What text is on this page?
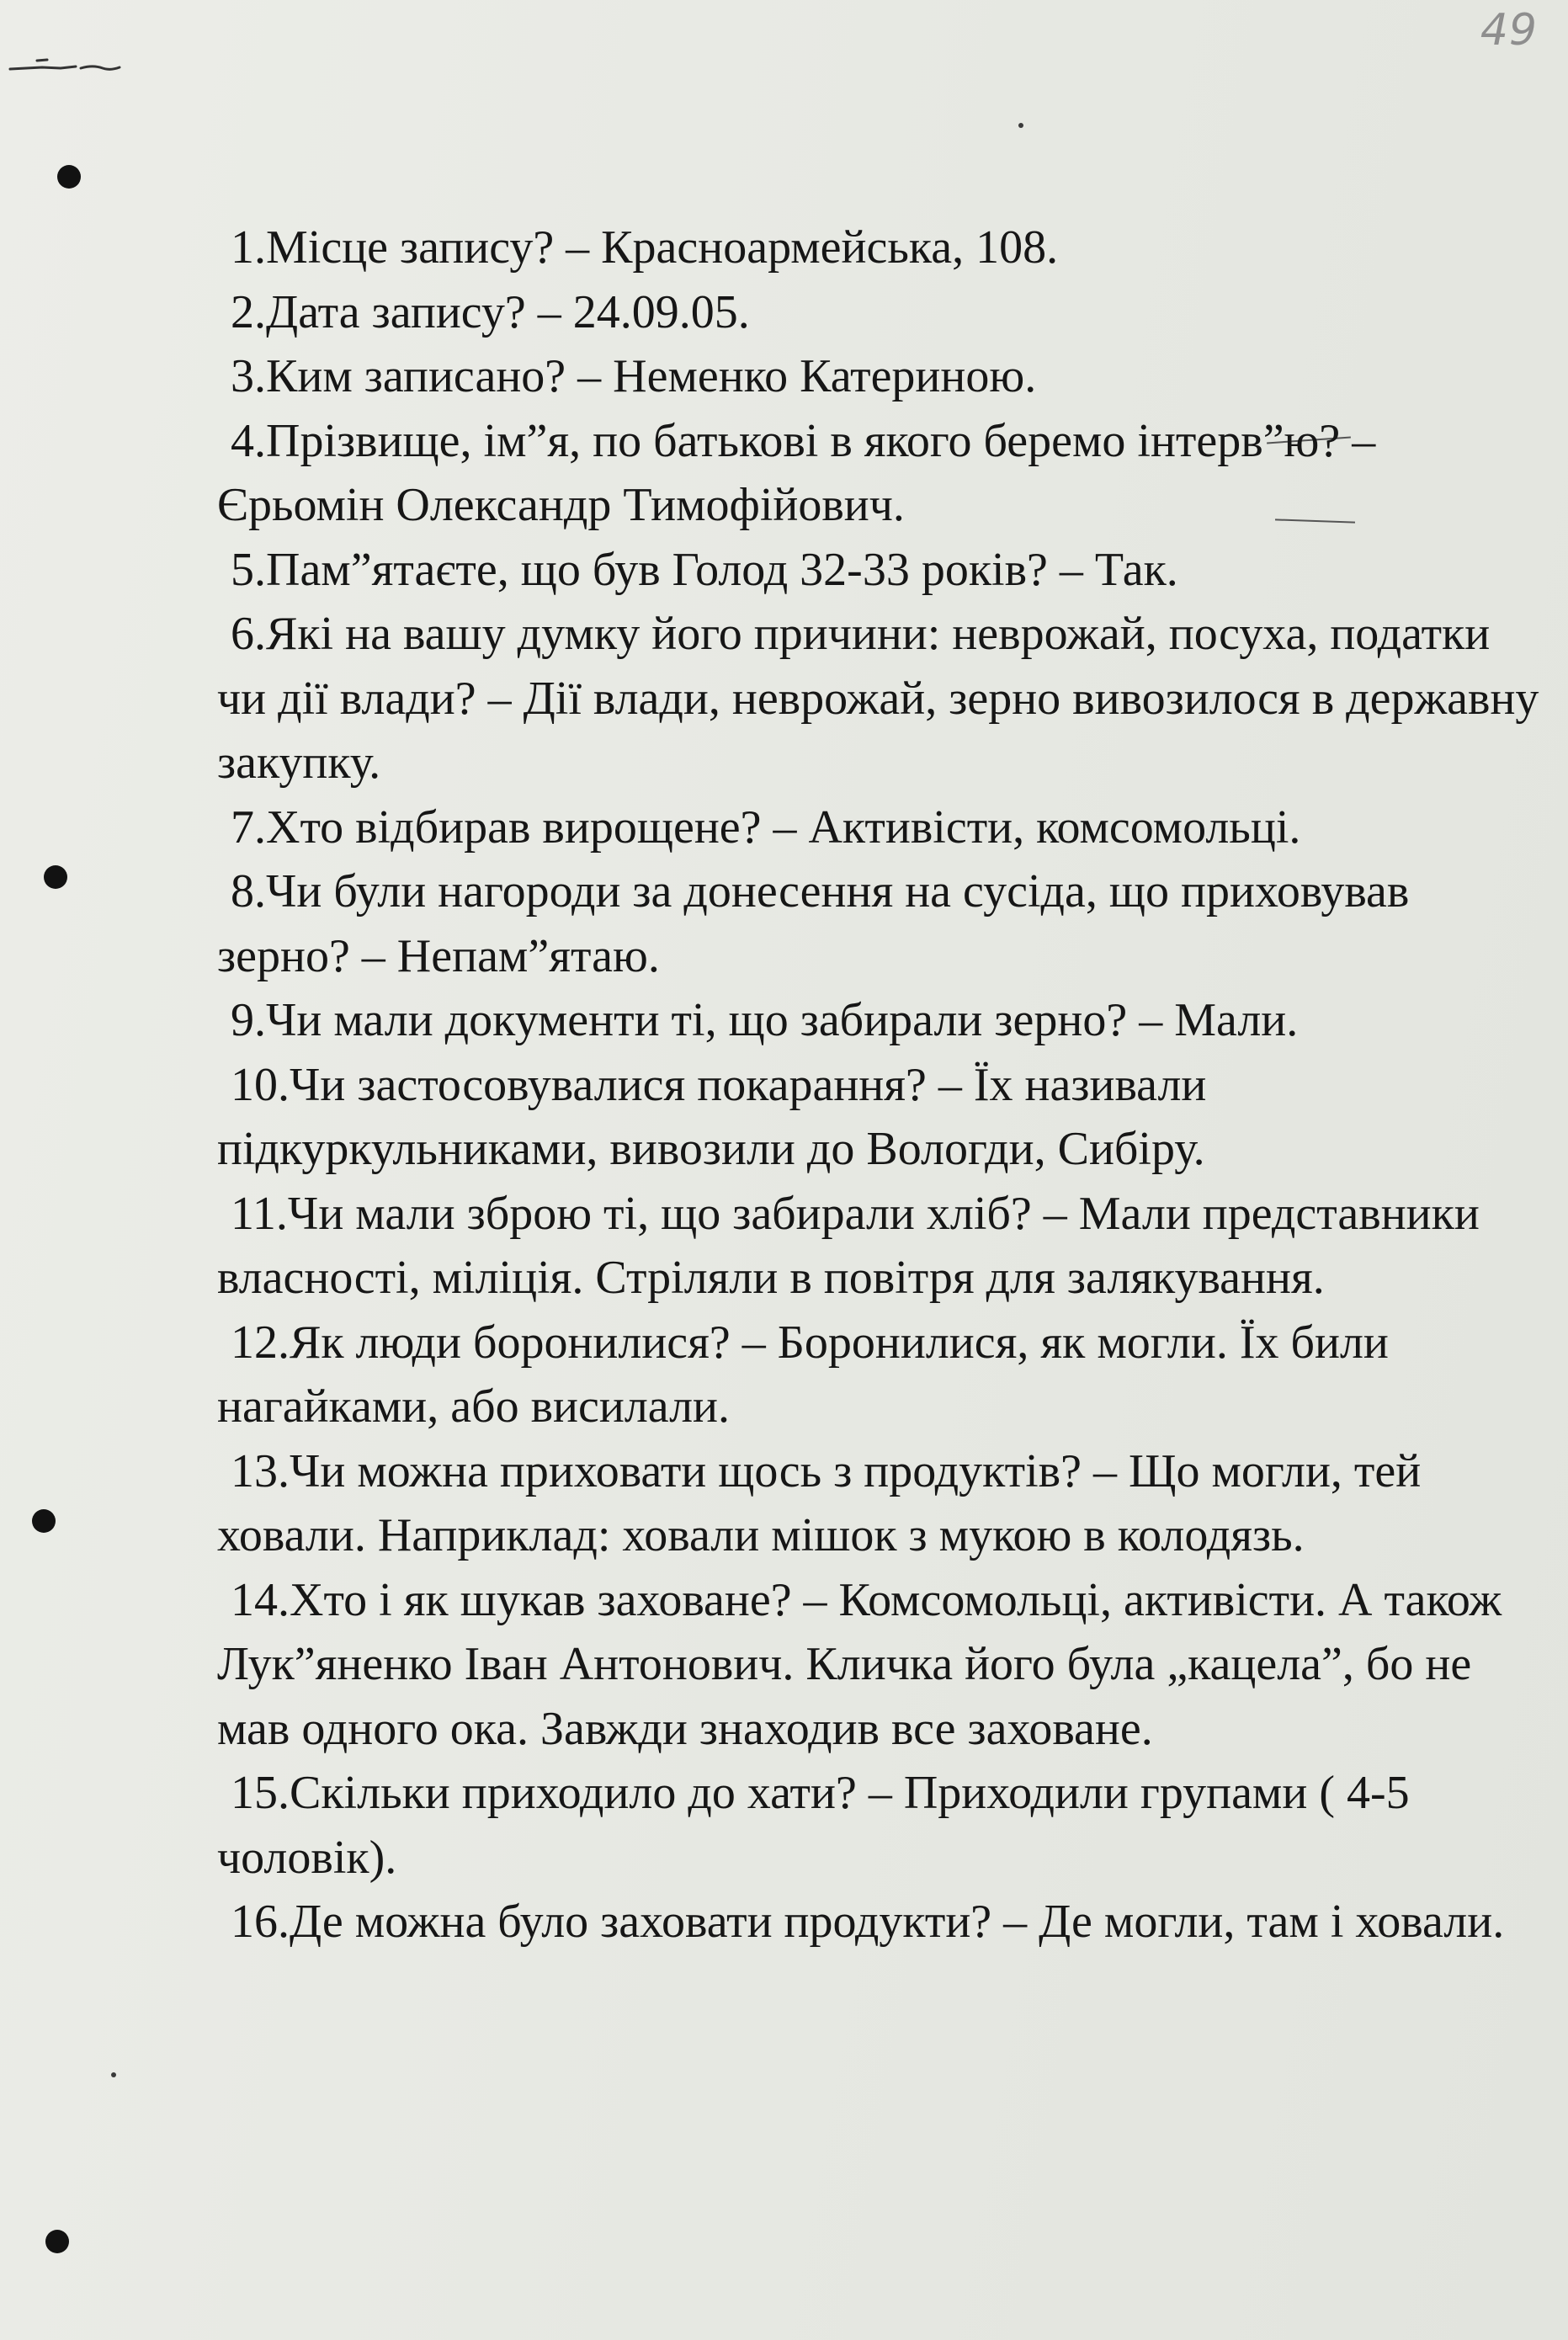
49

1.Місце запису? – Красноармейська, 108.

2.Дата запису? – 24.09.05.

3.Ким записано? – Неменко Катериною.

4.Прізвище, ім”я, по батькові в якого беремо інтерв”ю? – Єрьомін Олександр Тимофійович.

5.Пам”ятаєте, що був Голод 32-33 років? – Так.

6.Які на вашу думку його причини: неврожай, посуха, податки чи дії влади? – Дії влади, неврожай, зерно вивозилося в державну закупку.

7.Хто відбирав вирощене? – Активісти, комсомольці.

8.Чи були нагороди за донесення на сусіда, що приховував зерно? – Непам”ятаю.

9.Чи мали документи ті, що забирали зерно? – Мали.

10.Чи застосовувалися покарання? – Їх називали підкуркульниками, вивозили до Вологди, Сибіру.

11.Чи мали зброю ті, що забирали хліб? – Мали представники власності, міліція. Стріляли в повітря для залякування.

12.Як люди боронилися? – Боронилися, як могли. Їх били нагайками, або висилали.

13.Чи можна приховати щось з продуктів? – Що могли, тей ховали. Наприклад: ховали мішок з мукою в колодязь.

14.Хто і як шукав заховане? – Комсомольці, активісти. А також Лук”яненко Іван Антонович. Кличка його була „кацела”, бо не мав одного ока. Завжди знаходив все заховане.

15.Скільки приходило до хати? – Приходили групами ( 4-5 чоловік).

16.Де можна було заховати продукти? – Де могли, там і ховали.
